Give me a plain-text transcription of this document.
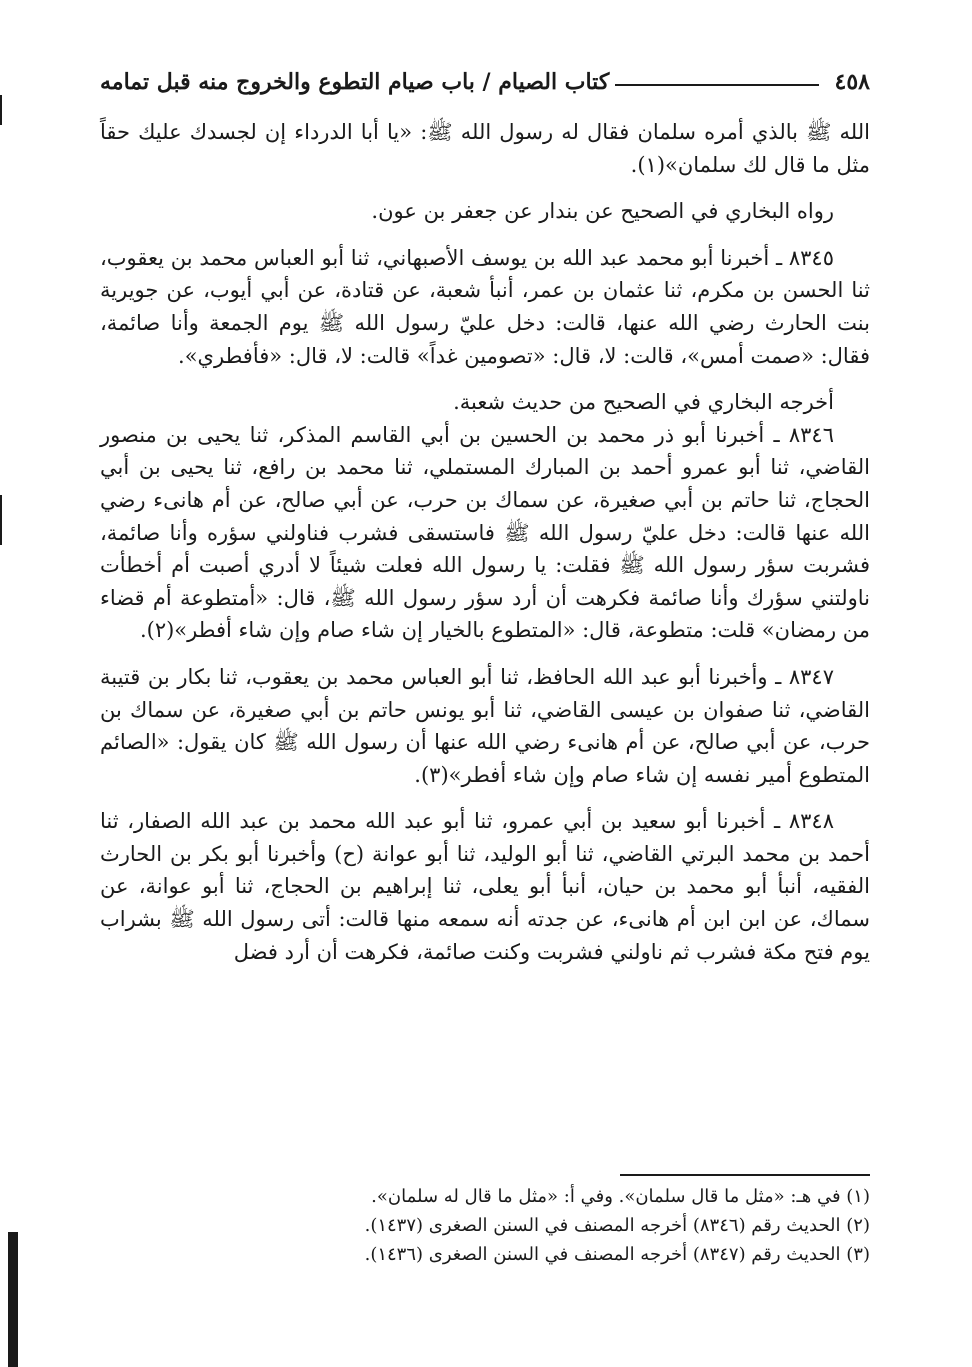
٤٥٨
كتاب الصيام / باب صيام التطوع والخروج منه قبل تمامه

الله ﷺ بالذي أمره سلمان فقال له رسول الله ﷺ: «يا أبا الدرداء إن لجسدك عليك حقاً مثل ما قال لك سلمان»(١).

رواه البخاري في الصحيح عن بندار عن جعفر بن عون.

٨٣٤٥ ـ أخبرنا أبو محمد عبد الله بن يوسف الأصبهاني، ثنا أبو العباس محمد بن يعقوب، ثنا الحسن بن مكرم، ثنا عثمان بن عمر، أنبأ شعبة، عن قتادة، عن أبي أيوب، عن جويرية بنت الحارث رضي الله عنها، قالت: دخل عليّ رسول الله ﷺ يوم الجمعة وأنا صائمة، فقال: «صمت أمس»، قالت: لا، قال: «تصومين غداً» قالت: لا، قال: «فأفطري».

أخرجه البخاري في الصحيح من حديث شعبة.

٨٣٤٦ ـ أخبرنا أبو ذر محمد بن الحسين بن أبي القاسم المذكر، ثنا يحيى بن منصور القاضي، ثنا أبو عمرو أحمد بن المبارك المستملي، ثنا محمد بن رافع، ثنا يحيى بن أبي الحجاج، ثنا حاتم بن أبي صغيرة، عن سماك بن حرب، عن أبي صالح، عن أم هانىء رضي الله عنها قالت: دخل عليّ رسول الله ﷺ فاستسقى فشرب فناولني سؤره وأنا صائمة، فشربت سؤر رسول الله ﷺ فقلت: يا رسول الله فعلت شيئاً لا أدري أصبت أم أخطأت ناولتني سؤرك وأنا صائمة فكرهت أن أرد سؤر رسول الله ﷺ، قال: «أمتطوعة أم قضاء من رمضان» قلت: متطوعة، قال: «المتطوع بالخيار إن شاء صام وإن شاء أفطر»(٢).

٨٣٤٧ ـ وأخبرنا أبو عبد الله الحافظ، ثنا أبو العباس محمد بن يعقوب، ثنا بكار بن قتيبة القاضي، ثنا صفوان بن عيسى القاضي، ثنا أبو يونس حاتم بن أبي صغيرة، عن سماك بن حرب، عن أبي صالح، عن أم هانىء رضي الله عنها أن رسول الله ﷺ كان يقول: «الصائم المتطوع أمير نفسه إن شاء صام وإن شاء أفطر»(٣).

٨٣٤٨ ـ أخبرنا أبو سعيد بن أبي عمرو، ثنا أبو عبد الله محمد بن عبد الله الصفار، ثنا أحمد بن محمد البرتي القاضي، ثنا أبو الوليد، ثنا أبو عوانة (ح) وأخبرنا أبو بكر بن الحارث الفقيه، أنبأ أبو محمد بن حيان، أنبأ أبو يعلى، ثنا إبراهيم بن الحجاج، ثنا أبو عوانة، عن سماك، عن ابن ابن أم هانىء، عن جدته أنه سمعه منها قالت: أتى رسول الله ﷺ بشراب يوم فتح مكة فشرب ثم ناولني فشربت وكنت صائمة، فكرهت أن أرد فضل

(١) في هـ: «مثل ما قال سلمان». وفي أ: «مثل ما قال له سلمان».

(٢) الحديث رقم (٨٣٤٦) أخرجه المصنف في السنن الصغرى (١٤٣٧).

(٣) الحديث رقم (٨٣٤٧) أخرجه المصنف في السنن الصغرى (١٤٣٦).
